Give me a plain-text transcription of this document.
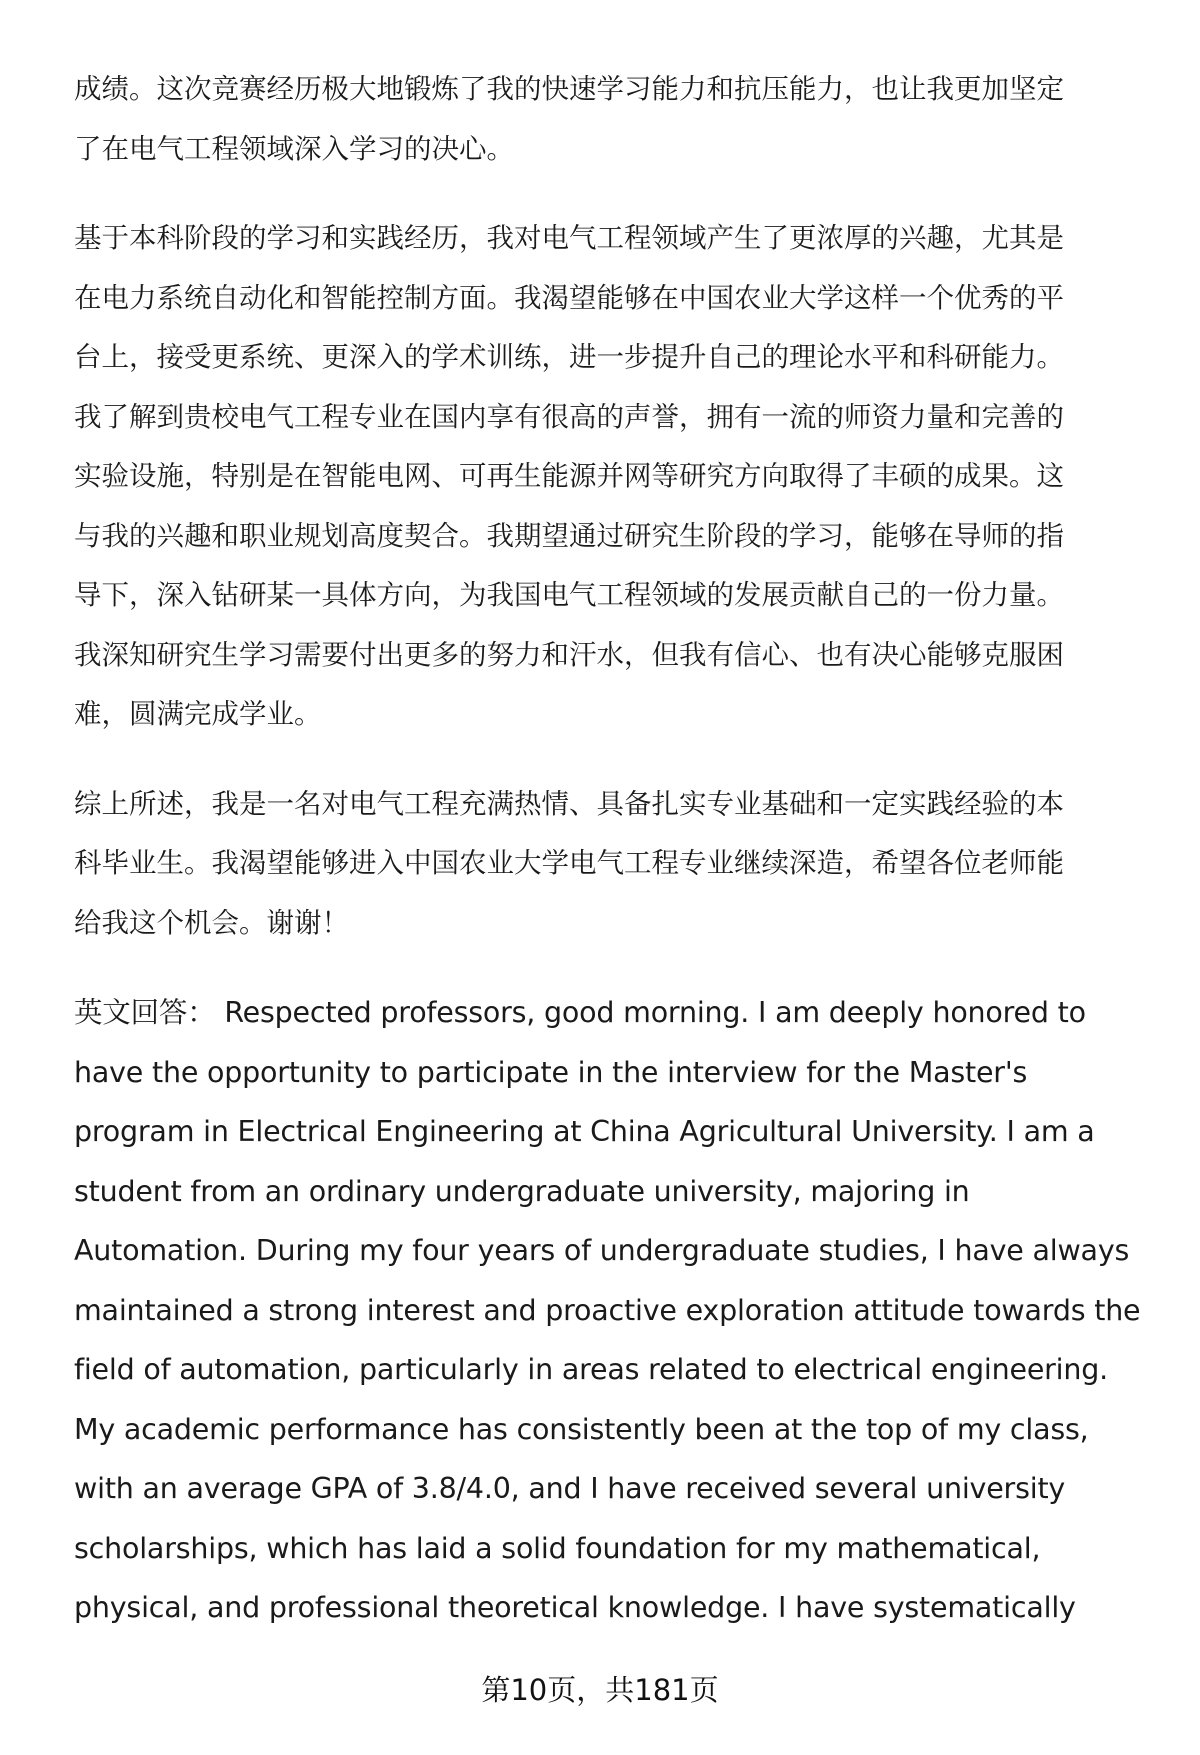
成绩。这次竞赛经历极大地锻炼了我的快速学习能力和抗压能力，也让我更加坚定
了在电气工程领域深入学习的决心。

基于本科阶段的学习和实践经历，我对电气工程领域产生了更浓厚的兴趣，尤其是
在电力系统自动化和智能控制方面。我渴望能够在中国农业大学这样一个优秀的平
台上，接受更系统、更深入的学术训练，进一步提升自己的理论水平和科研能力。
我了解到贵校电气工程专业在国内享有很高的声誉，拥有一流的师资力量和完善的
实验设施，特别是在智能电网、可再生能源并网等研究方向取得了丰硕的成果。这
与我的兴趣和职业规划高度契合。我期望通过研究生阶段的学习，能够在导师的指
导下，深入钻研某一具体方向，为我国电气工程领域的发展贡献自己的一份力量。
我深知研究生学习需要付出更多的努力和汗水，但我有信心、也有决心能够克服困
难，圆满完成学业。

综上所述，我是一名对电气工程充满热情、具备扎实专业基础和一定实践经验的本
科毕业生。我渴望能够进入中国农业大学电气工程专业继续深造，希望各位老师能
给我这个机会。谢谢！

英文回答： Respected professors, good morning. I am deeply honored to
have the opportunity to participate in the interview for the Master's
program in Electrical Engineering at China Agricultural University. I am a
student from an ordinary undergraduate university, majoring in
Automation. During my four years of undergraduate studies, I have always
maintained a strong interest and proactive exploration attitude towards the
field of automation, particularly in areas related to electrical engineering.
My academic performance has consistently been at the top of my class,
with an average GPA of 3.8/4.0, and I have received several university
scholarships, which has laid a solid foundation for my mathematical,
physical, and professional theoretical knowledge. I have systematically

第10页，共181页
